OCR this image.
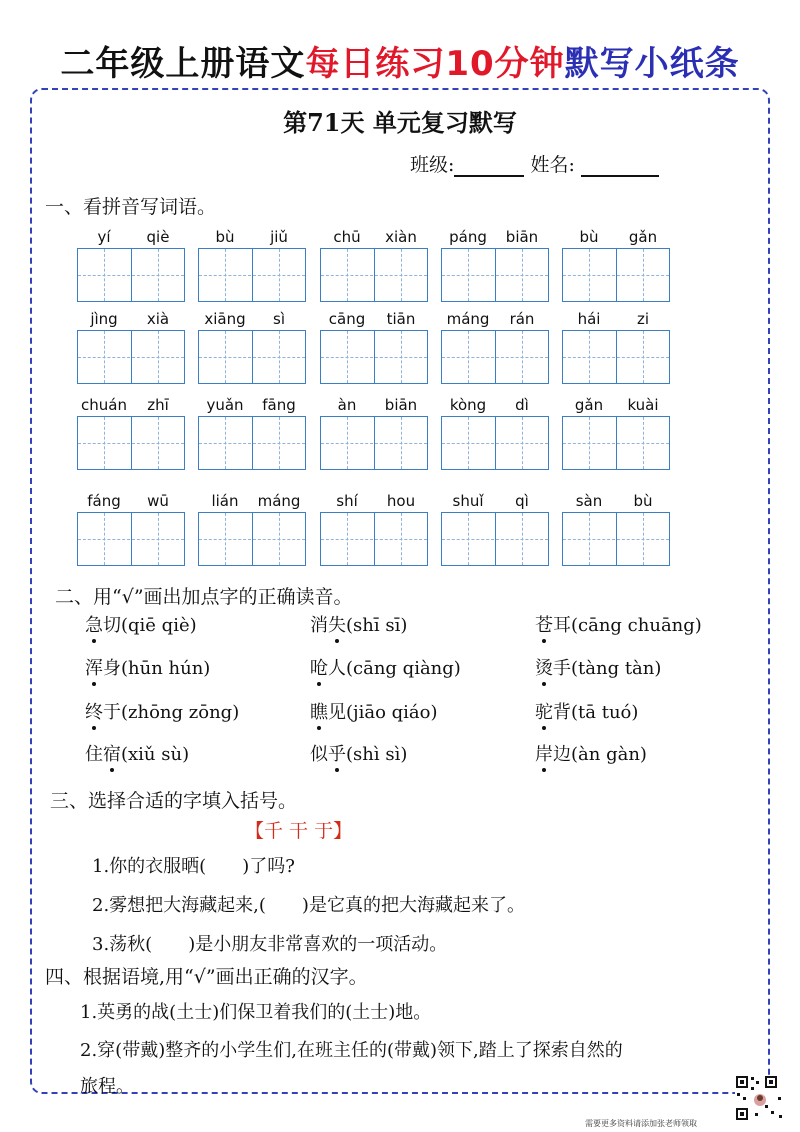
二年级上册语文每日练习10分钟默写小纸条
第71天 单元复习默写
班级:	姓名:
一、看拼音写词语。
yí	qiè	bù	jiǔ	chū	xiàn	páng	biān	bù	gǎn
jìng	xià	xiāng	sì	cāng	tiān	máng	rán	hái	zi
chuán	zhī	yuǎn	fāng	àn	biān	kòng	dì	gǎn	kuài
fáng	wū	lián	máng	shí	hou	shuǐ	qì	sàn	bù
二、用“√”画出加点字的正确读音。
急切(qiē qiè)	消失(shī sī)	苍耳(cāng chuāng)
浑身(hūn hún)	呛人(cāng qiàng)	烫手(tàng tàn)
终于(zhōng zōng)	瞧见(jiāo qiáo)	驼背(tā tuó)
住宿(xiǔ sù)	似乎(shì sì)	岸边(àn gàn)
三、选择合适的字填入括号。
【千 干 于】
1.你的衣服晒(　　)了吗?
2.雾想把大海藏起来,(　　)是它真的把大海藏起来了。
3.荡秋(　　)是小朋友非常喜欢的一项活动。
四、根据语境,用“√”画出正确的汉字。
1.英勇的战(土士)们保卫着我们的(土士)地。
2.穿(带戴)整齐的小学生们,在班主任的(带戴)领下,踏上了探索自然的
旅程。
需要更多资料请添加张老师领取
